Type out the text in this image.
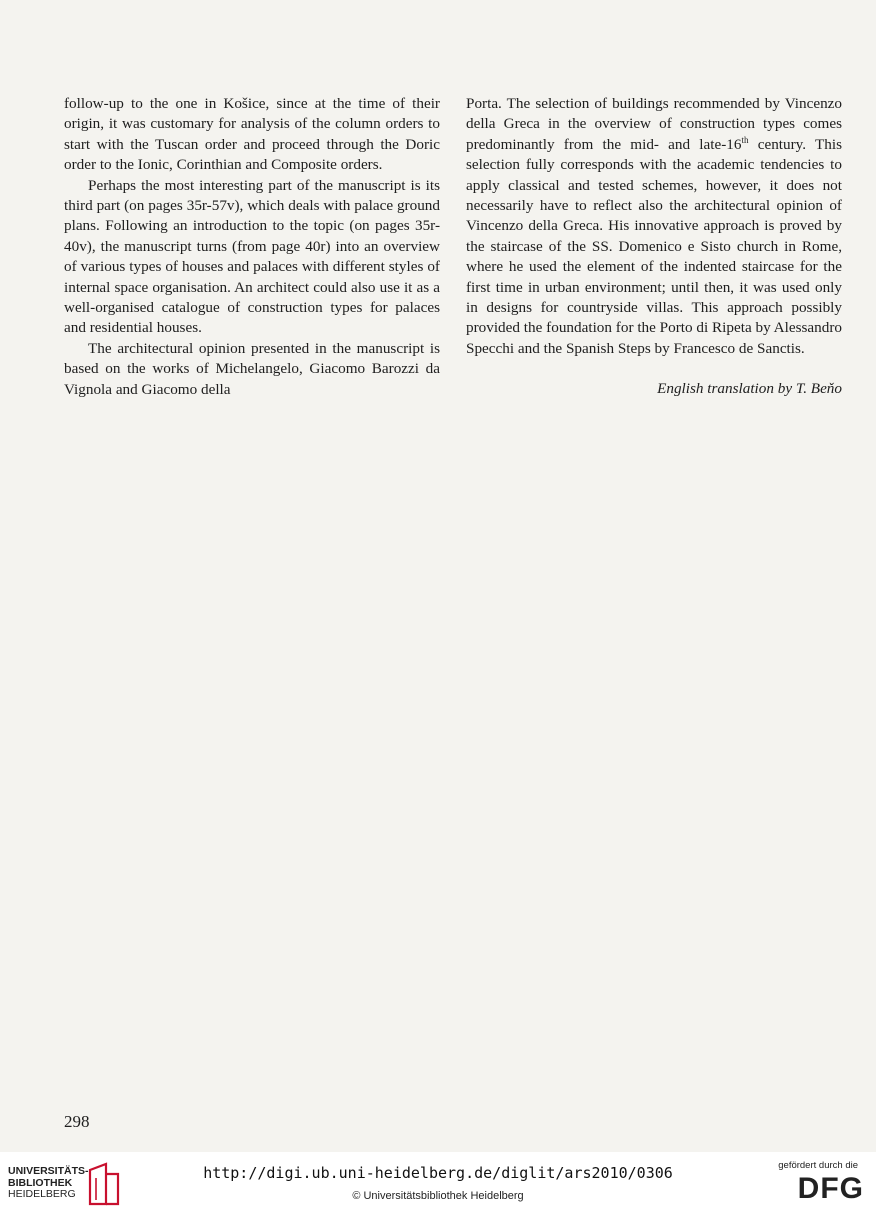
follow-up to the one in Košice, since at the time of their origin, it was customary for analysis of the column orders to start with the Tuscan order and proceed through the Doric order to the Ionic, Corinthian and Composite orders.

Perhaps the most interesting part of the manuscript is its third part (on pages 35r-57v), which deals with palace ground plans. Following an introduction to the topic (on pages 35r-40v), the manuscript turns (from page 40r) into an overview of various types of houses and palaces with different styles of internal space organisation. An architect could also use it as a well-organised catalogue of construction types for palaces and residential houses.

The architectural opinion presented in the manuscript is based on the works of Michelangelo, Giacomo Barozzi da Vignola and Giacomo della

Porta. The selection of buildings recommended by Vincenzo della Greca in the overview of construction types comes predominantly from the mid- and late-16th century. This selection fully corresponds with the academic tendencies to apply classical and tested schemes, however, it does not necessarily have to reflect also the architectural opinion of Vincenzo della Greca. His innovative approach is proved by the staircase of the SS. Domenico e Sisto church in Rome, where he used the element of the indented staircase for the first time in urban environment; until then, it was used only in designs for countryside villas. This approach possibly provided the foundation for the Porto di Ripeta by Alessandro Specchi and the Spanish Steps by Francesco de Sanctis.

English translation by T. Beňo

298
UNIVERSITÄTS-
BIBLIOTHEK
HEIDELBERG
http://digi.ub.uni-heidelberg.de/diglit/ars2010/0306
© Universitätsbibliothek Heidelberg
gefördert durch die
DFG
